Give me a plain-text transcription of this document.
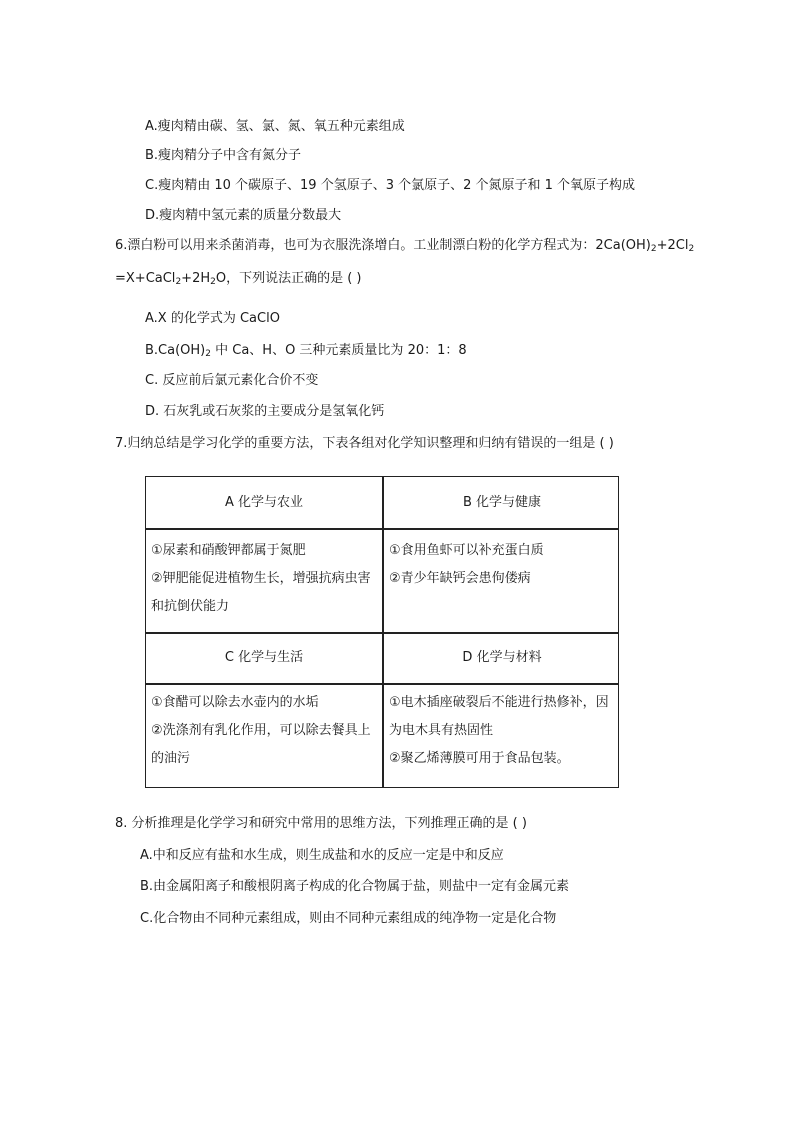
A.瘦肉精由碳、氢、氯、氮、氧五种元素组成
B.瘦肉精分子中含有氮分子
C.瘦肉精由 10 个碳原子、19 个氢原子、3 个氯原子、2 个氮原子和 1 个氧原子构成
D.瘦肉精中氢元素的质量分数最大
6.漂白粉可以用来杀菌消毒，也可为衣服洗涤增白。工业制漂白粉的化学方程式为：$2Ca(OH)_2+2Cl_2$
$=X+CaCl_2+2H_2O$，下列说法正确的是 ( )
A.X 的化学式为 CaClO
$B.Ca(OH)_2$ 中 Ca、H、O 三种元素质量比为 20：1：8
C. 反应前后氯元素化合价不变
D. 石灰乳或石灰浆的主要成分是氢氧化钙
7.归纳总结是学习化学的重要方法，下表各组对化学知识整理和归纳有错误的一组是 ( )
A 化学与农业	B 化学与健康
①尿素和硝酸钾都属于氮肥
②钾肥能促进植物生长，增强抗病虫害和抗倒伏能力
①食用鱼虾可以补充蛋白质
②青少年缺钙会患佝偻病
C 化学与生活	D 化学与材料
①食醋可以除去水壶内的水垢
②洗涤剂有乳化作用，可以除去餐具上的油污
①电木插座破裂后不能进行热修补，因为电木具有热固性
②聚乙烯薄膜可用于食品包装。
8. 分析推理是化学学习和研究中常用的思维方法，下列推理正确的是 ( )
A.中和反应有盐和水生成，则生成盐和水的反应一定是中和反应
B.由金属阳离子和酸根阴离子构成的化合物属于盐，则盐中一定有金属元素
C.化合物由不同种元素组成，则由不同种元素组成的纯净物一定是化合物
